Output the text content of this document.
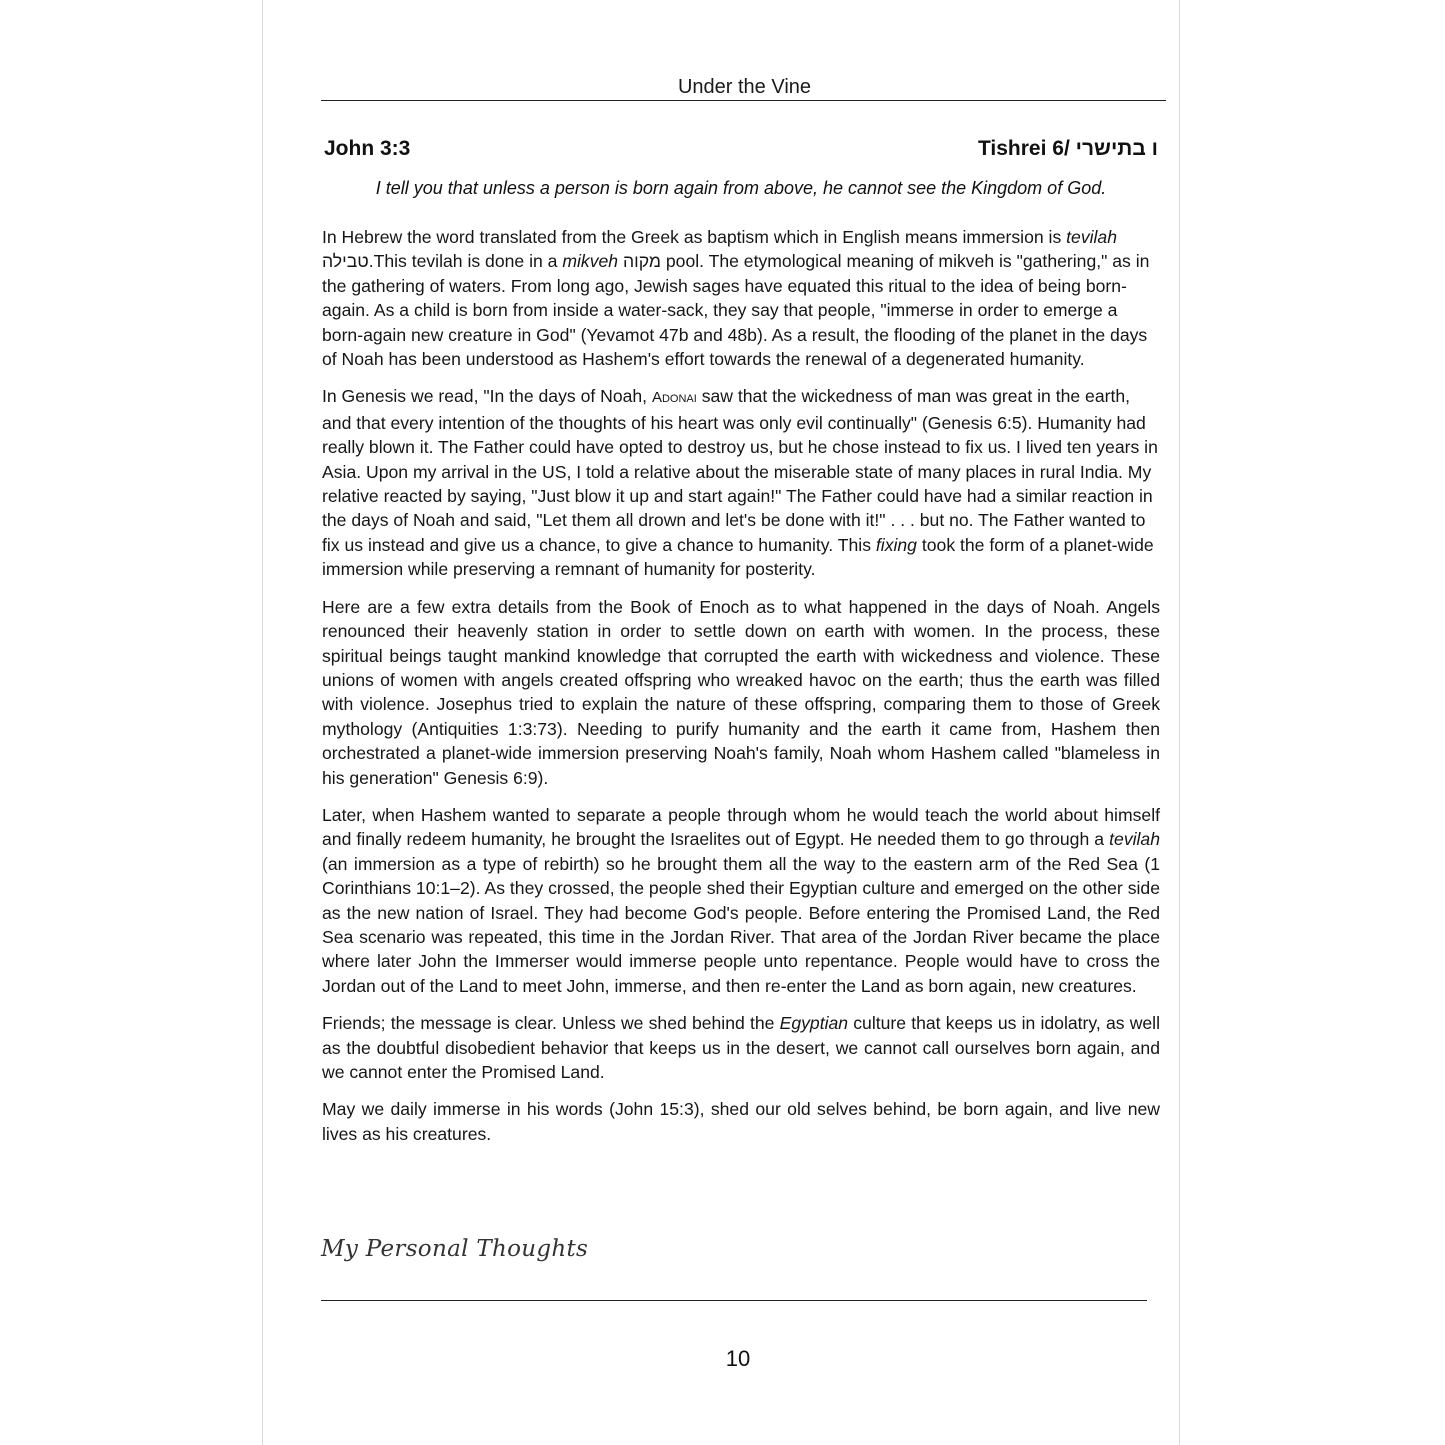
Under the Vine
John 3:3	Tishrei 6/ ו בתישרי
I tell you that unless a person is born again from above, he cannot see the Kingdom of God.

In Hebrew the word translated from the Greek as baptism which in English means immersion is tevilah טבילה.This tevilah is done in a mikveh מקוה pool. The etymological meaning of mikveh is "gathering," as in the gathering of waters. From long ago, Jewish sages have equated this ritual to the idea of being born-again. As a child is born from inside a water-sack, they say that people, "immerse in order to emerge a born-again new creature in God" (Yevamot 47b and 48b). As a result, the flooding of the planet in the days of Noah has been understood as Hashem's effort towards the renewal of a degenerated humanity.

In Genesis we read, "In the days of Noah, Adonai saw that the wickedness of man was great in the earth, and that every intention of the thoughts of his heart was only evil continually" (Genesis 6:5). Humanity had really blown it. The Father could have opted to destroy us, but he chose instead to fix us. I lived ten years in Asia. Upon my arrival in the US, I told a relative about the miserable state of many places in rural India. My relative reacted by saying, "Just blow it up and start again!" The Father could have had a similar reaction in the days of Noah and said, "Let them all drown and let's be done with it!" . . . but no. The Father wanted to fix us instead and give us a chance, to give a chance to humanity. This fixing took the form of a planet-wide immersion while preserving a remnant of humanity for posterity.

Here are a few extra details from the Book of Enoch as to what happened in the days of Noah. Angels renounced their heavenly station in order to settle down on earth with women. In the process, these spiritual beings taught mankind knowledge that corrupted the earth with wickedness and violence. These unions of women with angels created offspring who wreaked havoc on the earth; thus the earth was filled with violence. Josephus tried to explain the nature of these offspring, comparing them to those of Greek mythology (Antiquities 1:3:73). Needing to purify humanity and the earth it came from, Hashem then orchestrated a planet-wide immersion preserving Noah's family, Noah whom Hashem called "blameless in his generation" Genesis 6:9).

Later, when Hashem wanted to separate a people through whom he would teach the world about himself and finally redeem humanity, he brought the Israelites out of Egypt. He needed them to go through a tevilah (an immersion as a type of rebirth) so he brought them all the way to the eastern arm of the Red Sea (1 Corinthians 10:1–2). As they crossed, the people shed their Egyptian culture and emerged on the other side as the new nation of Israel. They had become God's people. Before entering the Promised Land, the Red Sea scenario was repeated, this time in the Jordan River. That area of the Jordan River became the place where later John the Immerser would immerse people unto repentance. People would have to cross the Jordan out of the Land to meet John, immerse, and then re-enter the Land as born again, new creatures.

Friends; the message is clear. Unless we shed behind the Egyptian culture that keeps us in idolatry, as well as the doubtful disobedient behavior that keeps us in the desert, we cannot call ourselves born again, and we cannot enter the Promised Land.

May we daily immerse in his words (John 15:3), shed our old selves behind, be born again, and live new lives as his creatures.

My Personal Thoughts
10
